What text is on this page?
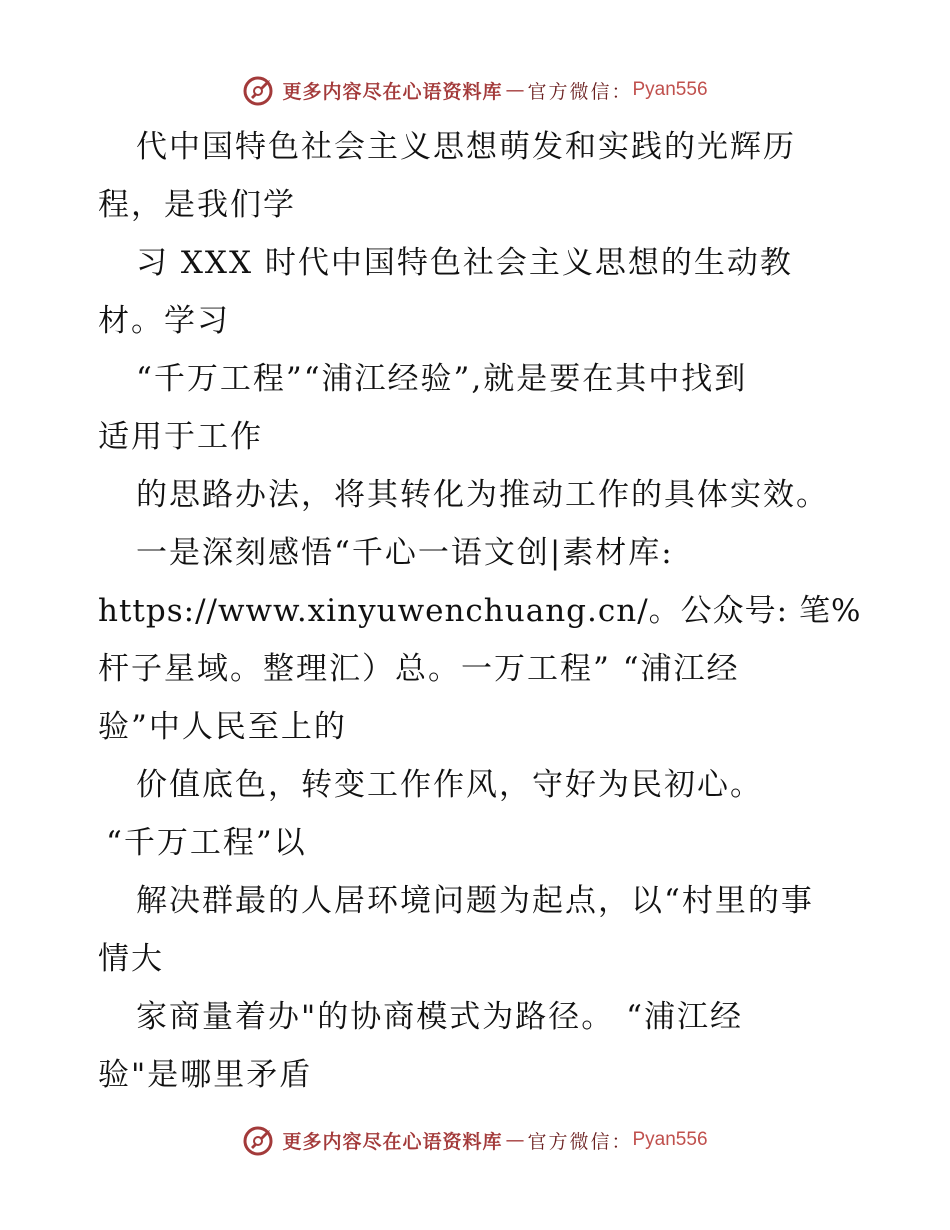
更多内容尽在心语资料库 — 官方微信： Pyan556
代中国特色社会主义思想萌发和实践的光辉历
程，是我们学
习 XXX 时代中国特色社会主义思想的生动教
材。学习
“千万工程”“浦江经验”,就是要在其中找到
适用于工作
的思路办法，将其转化为推动工作的具体实效。
一是深刻感悟“千心一语文创|素材库:
https://www.xinyuwenchuang.cn/。公众号: 笔%
杆子星域。整理汇）总。一万工程” “浦江经
验”中人民至上的
价值底色，转变工作作风，守好为民初心。
“千万工程”以
解决群最的人居环境问题为起点，以“村里的事
情大
家商量着办"的协商模式为路径。 “浦江经
验"是哪里矛盾
更多内容尽在心语资料库 — 官方微信： Pyan556
